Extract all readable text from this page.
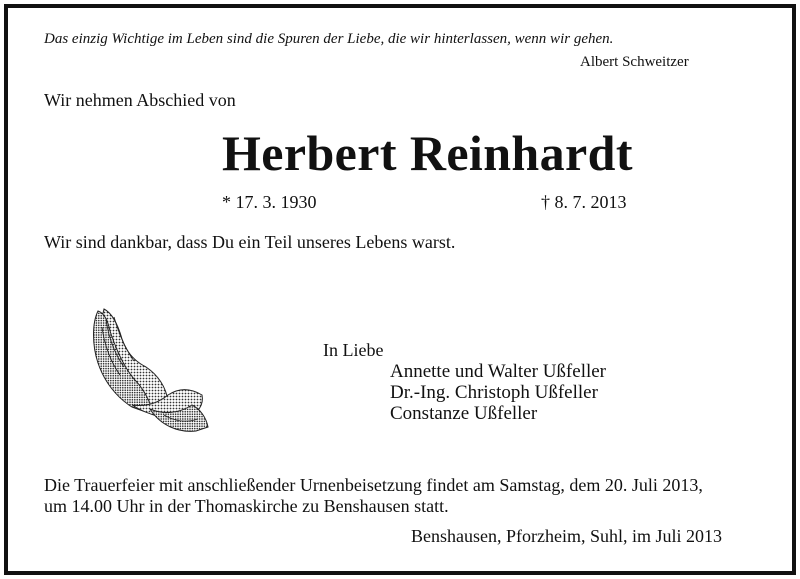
Das einzig Wichtige im Leben sind die Spuren der Liebe, die wir hinterlassen, wenn wir gehen.
Albert Schweitzer
Wir nehmen Abschied von
Herbert Reinhardt
* 17. 3. 1930	† 8. 7. 2013
Wir sind dankbar, dass Du ein Teil unseres Lebens warst.
In Liebe
Annette und Walter Ußfeller
Dr.-Ing. Christoph Ußfeller
Constanze Ußfeller
Die Trauerfeier mit anschließender Urnenbeisetzung findet am Samstag, dem 20. Juli 2013,
um 14.00 Uhr in der Thomaskirche zu Benshausen statt.
Benshausen, Pforzheim, Suhl, im Juli 2013
